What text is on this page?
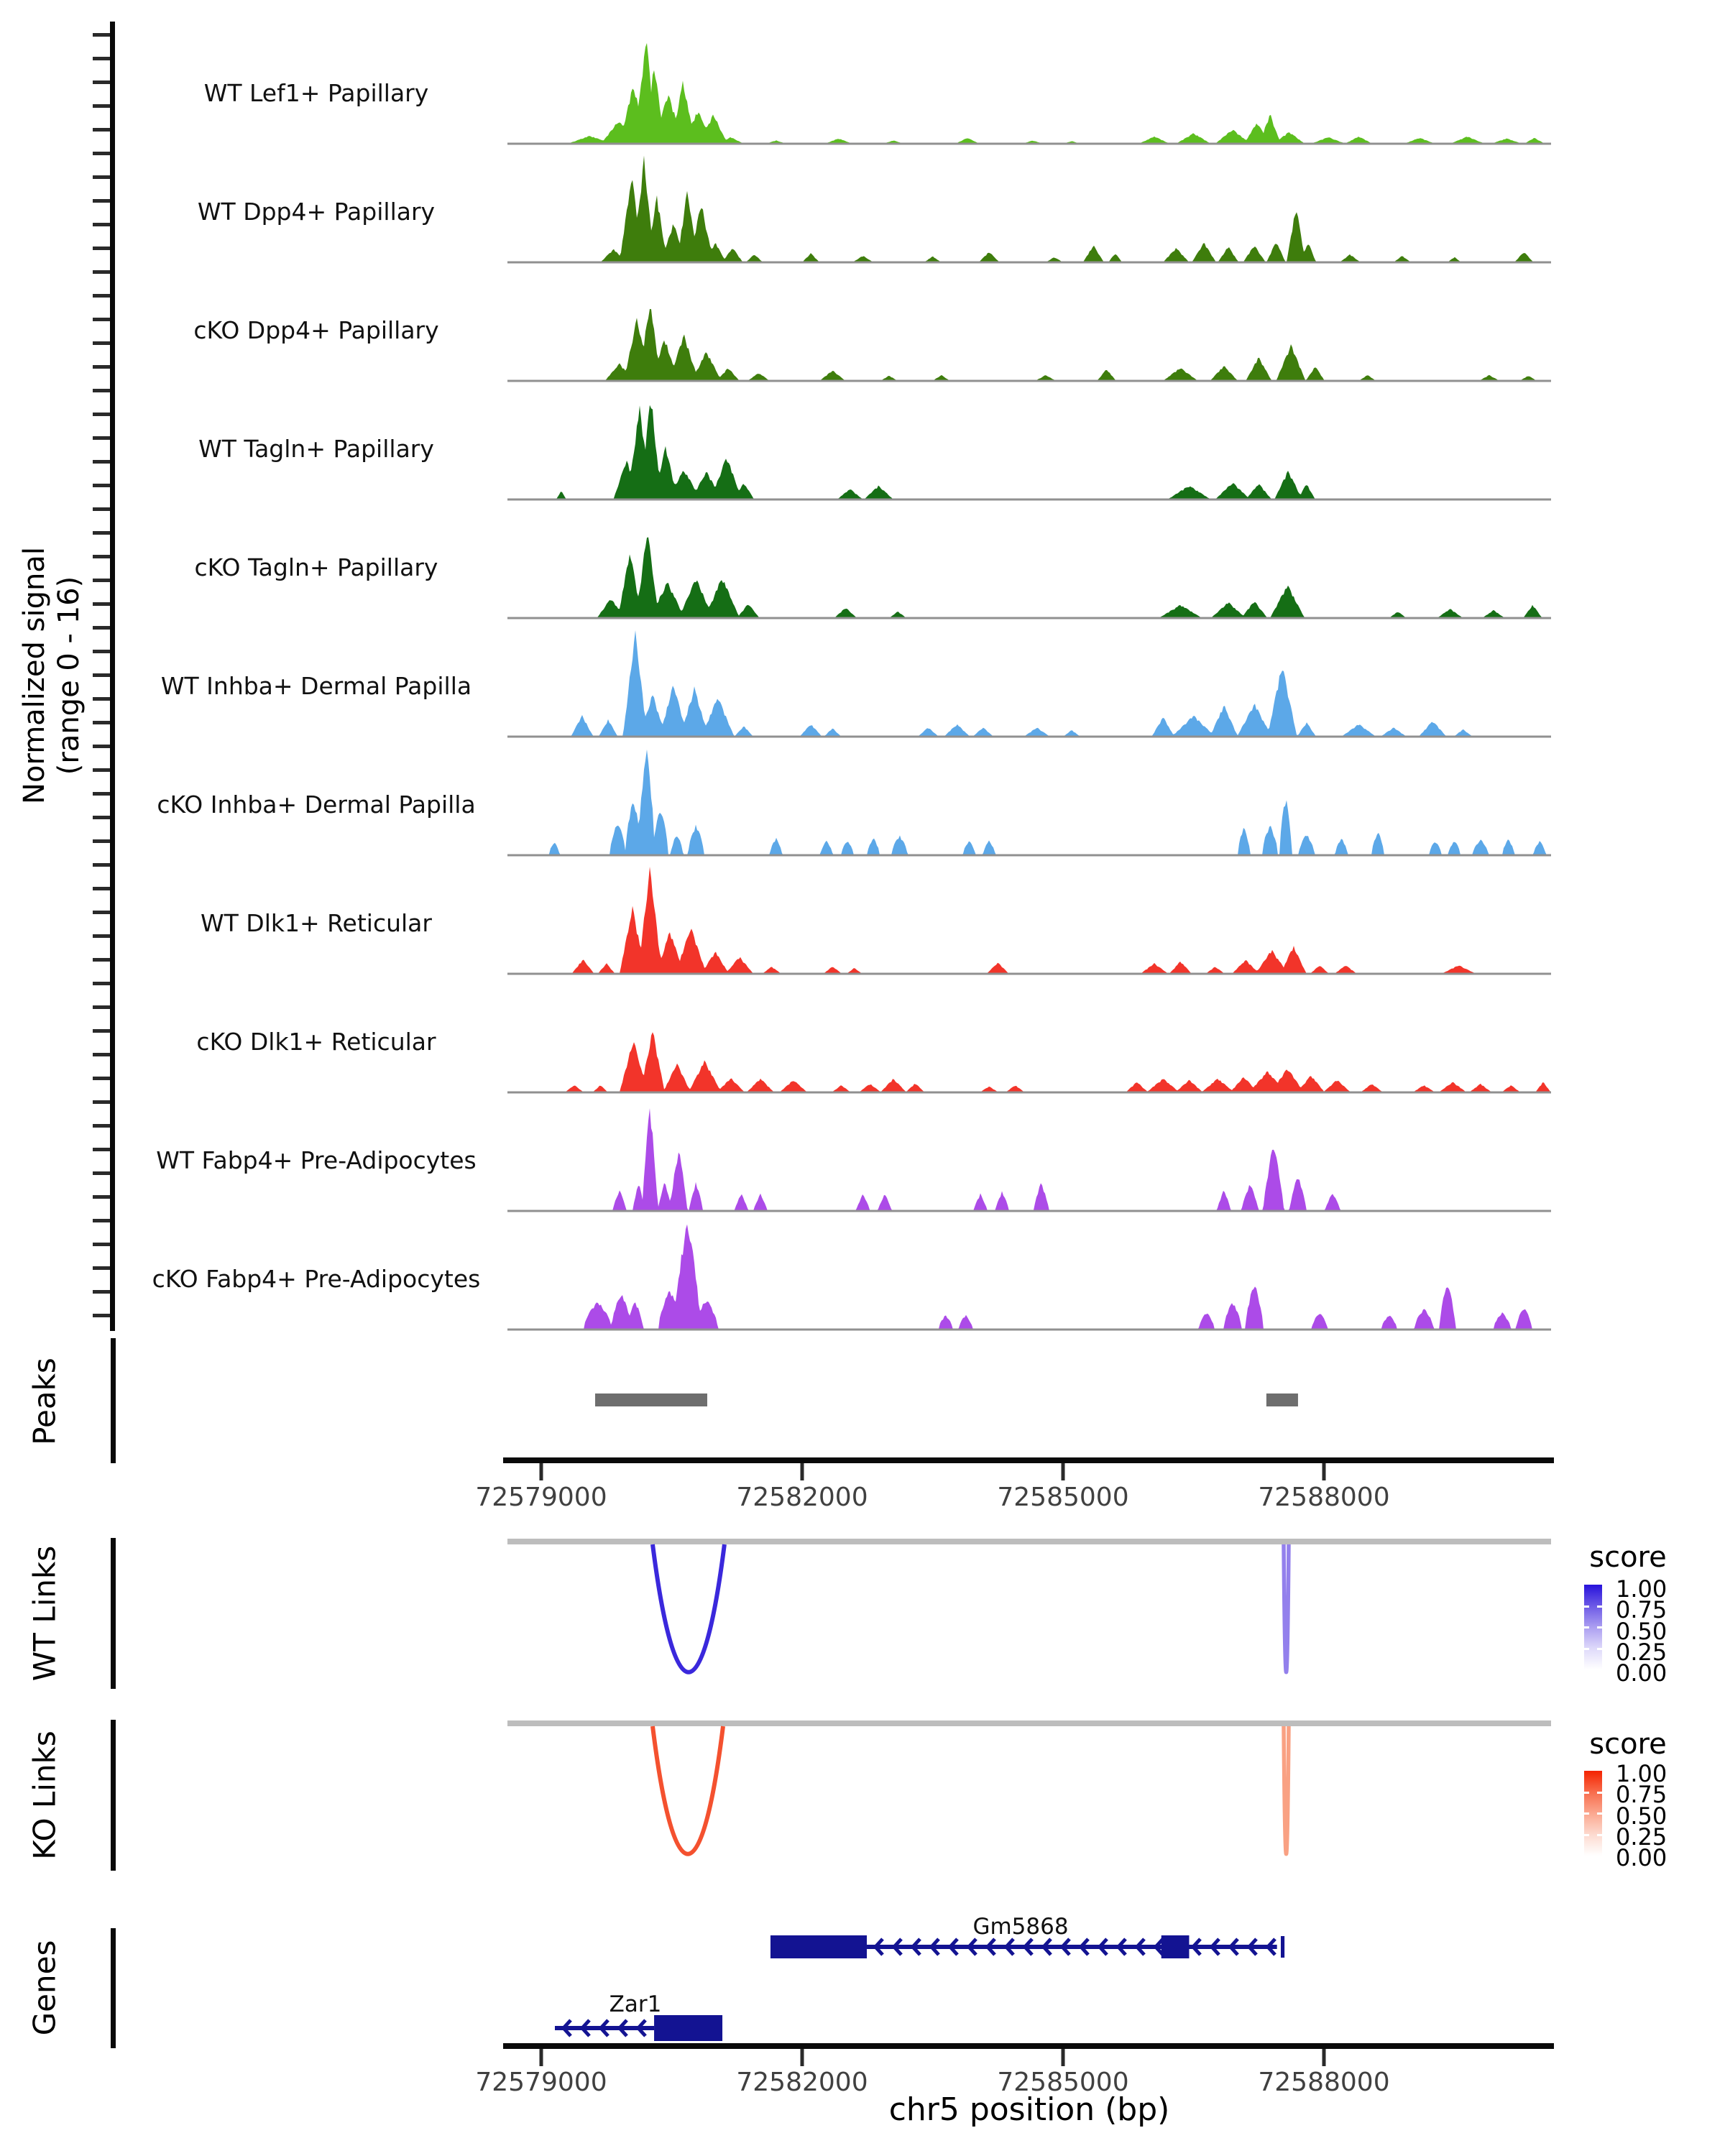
Normalized signal (range 0 - 16)
Peaks
WT Links
KO Links
Genes
score
score
Gm5868
Zar1
chr5 position (bp)
WT Lef1+ Papillary
WT Dpp4+ Papillary
cKO Dpp4+ Papillary
WT Tagln+ Papillary
cKO Tagln+ Papillary
WT Inhba+ Dermal Papilla
cKO Inhba+ Dermal Papilla
WT Dlk1+ Reticular
cKO Dlk1+ Reticular
WT Fabp4+ Pre-Adipocytes
cKO Fabp4+ Pre-Adipocytes
72579000	72582000	72585000	72588000
1.00
0.75
0.50
0.25
0.00
1.00
0.75
0.50
0.25
0.00
72579000	72582000	72585000	72588000
